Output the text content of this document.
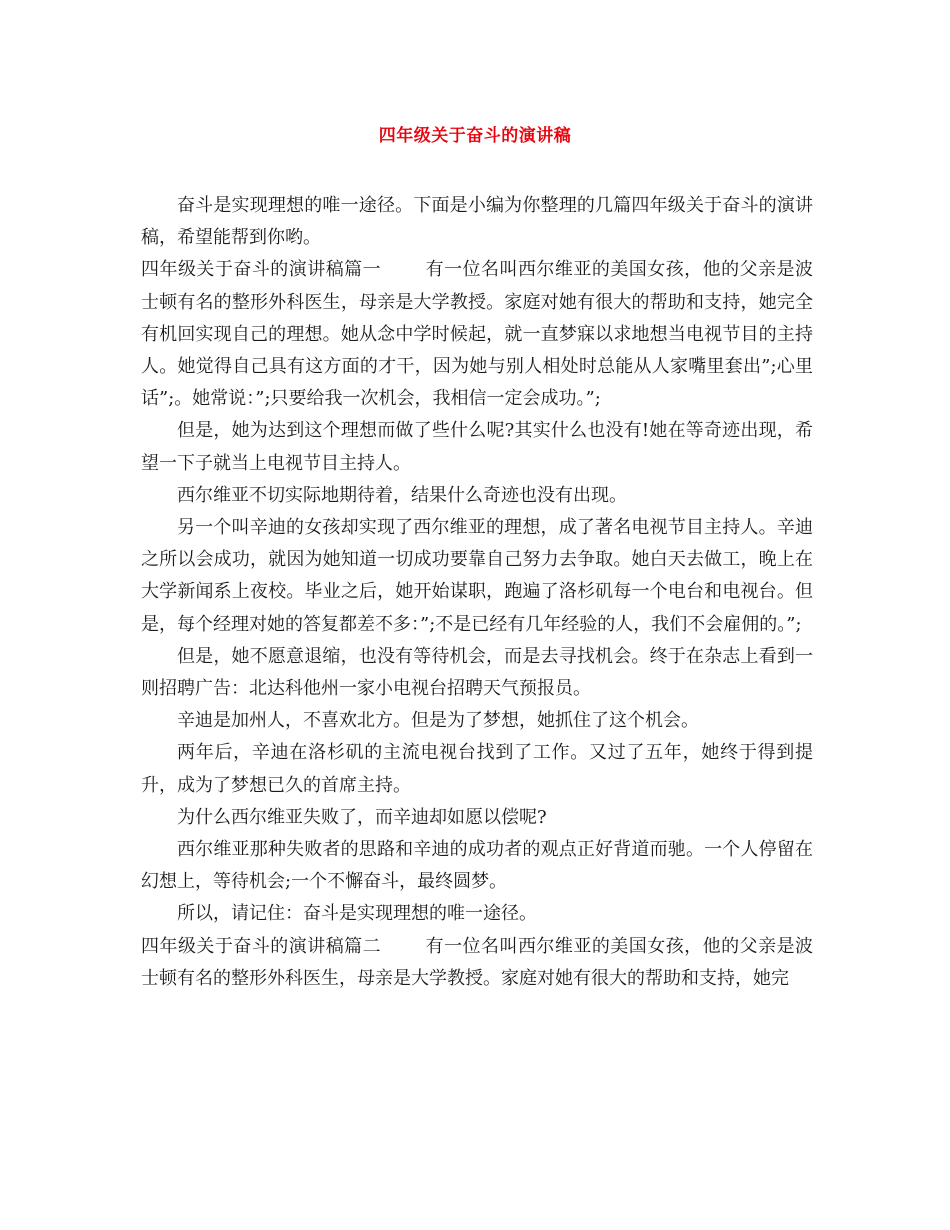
四年级关于奋斗的演讲稿

奋斗是实现理想的唯一途径。下面是小编为你整理的几篇四年级关于奋斗的演讲稿，希望能帮到你哟。

四年级关于奋斗的演讲稿篇一 有一位名叫西尔维亚的美国女孩，他的父亲是波士顿有名的整形外科医生，母亲是大学教授。家庭对她有很大的帮助和支持，她完全有机回实现自己的理想。她从念中学时候起，就一直梦寐以求地想当电视节目的主持人。她觉得自己具有这方面的才干，因为她与别人相处时总能从人家嘴里套出”;心里话”;。她常说：”;只要给我一次机会，我相信一定会成功。”;

但是，她为达到这个理想而做了些什么呢?其实什么也没有!她在等奇迹出现，希望一下子就当上电视节目主持人。

西尔维亚不切实际地期待着，结果什么奇迹也没有出现。

另一个叫辛迪的女孩却实现了西尔维亚的理想，成了著名电视节目主持人。辛迪之所以会成功，就因为她知道一切成功要靠自己努力去争取。她白天去做工，晚上在大学新闻系上夜校。毕业之后，她开始谋职，跑遍了洛杉矶每一个电台和电视台。但是，每个经理对她的答复都差不多：”;不是已经有几年经验的人，我们不会雇佣的。”;

但是，她不愿意退缩，也没有等待机会，而是去寻找机会。终于在杂志上看到一则招聘广告：北达科他州一家小电视台招聘天气预报员。

辛迪是加州人，不喜欢北方。但是为了梦想，她抓住了这个机会。

两年后，辛迪在洛杉矶的主流电视台找到了工作。又过了五年，她终于得到提升，成为了梦想已久的首席主持。

为什么西尔维亚失败了，而辛迪却如愿以偿呢?

西尔维亚那种失败者的思路和辛迪的成功者的观点正好背道而驰。一个人停留在幻想上，等待机会;一个不懈奋斗，最终圆梦。

所以，请记住：奋斗是实现理想的唯一途径。

四年级关于奋斗的演讲稿篇二 有一位名叫西尔维亚的美国女孩，他的父亲是波士顿有名的整形外科医生，母亲是大学教授。家庭对她有很大的帮助和支持，她完
